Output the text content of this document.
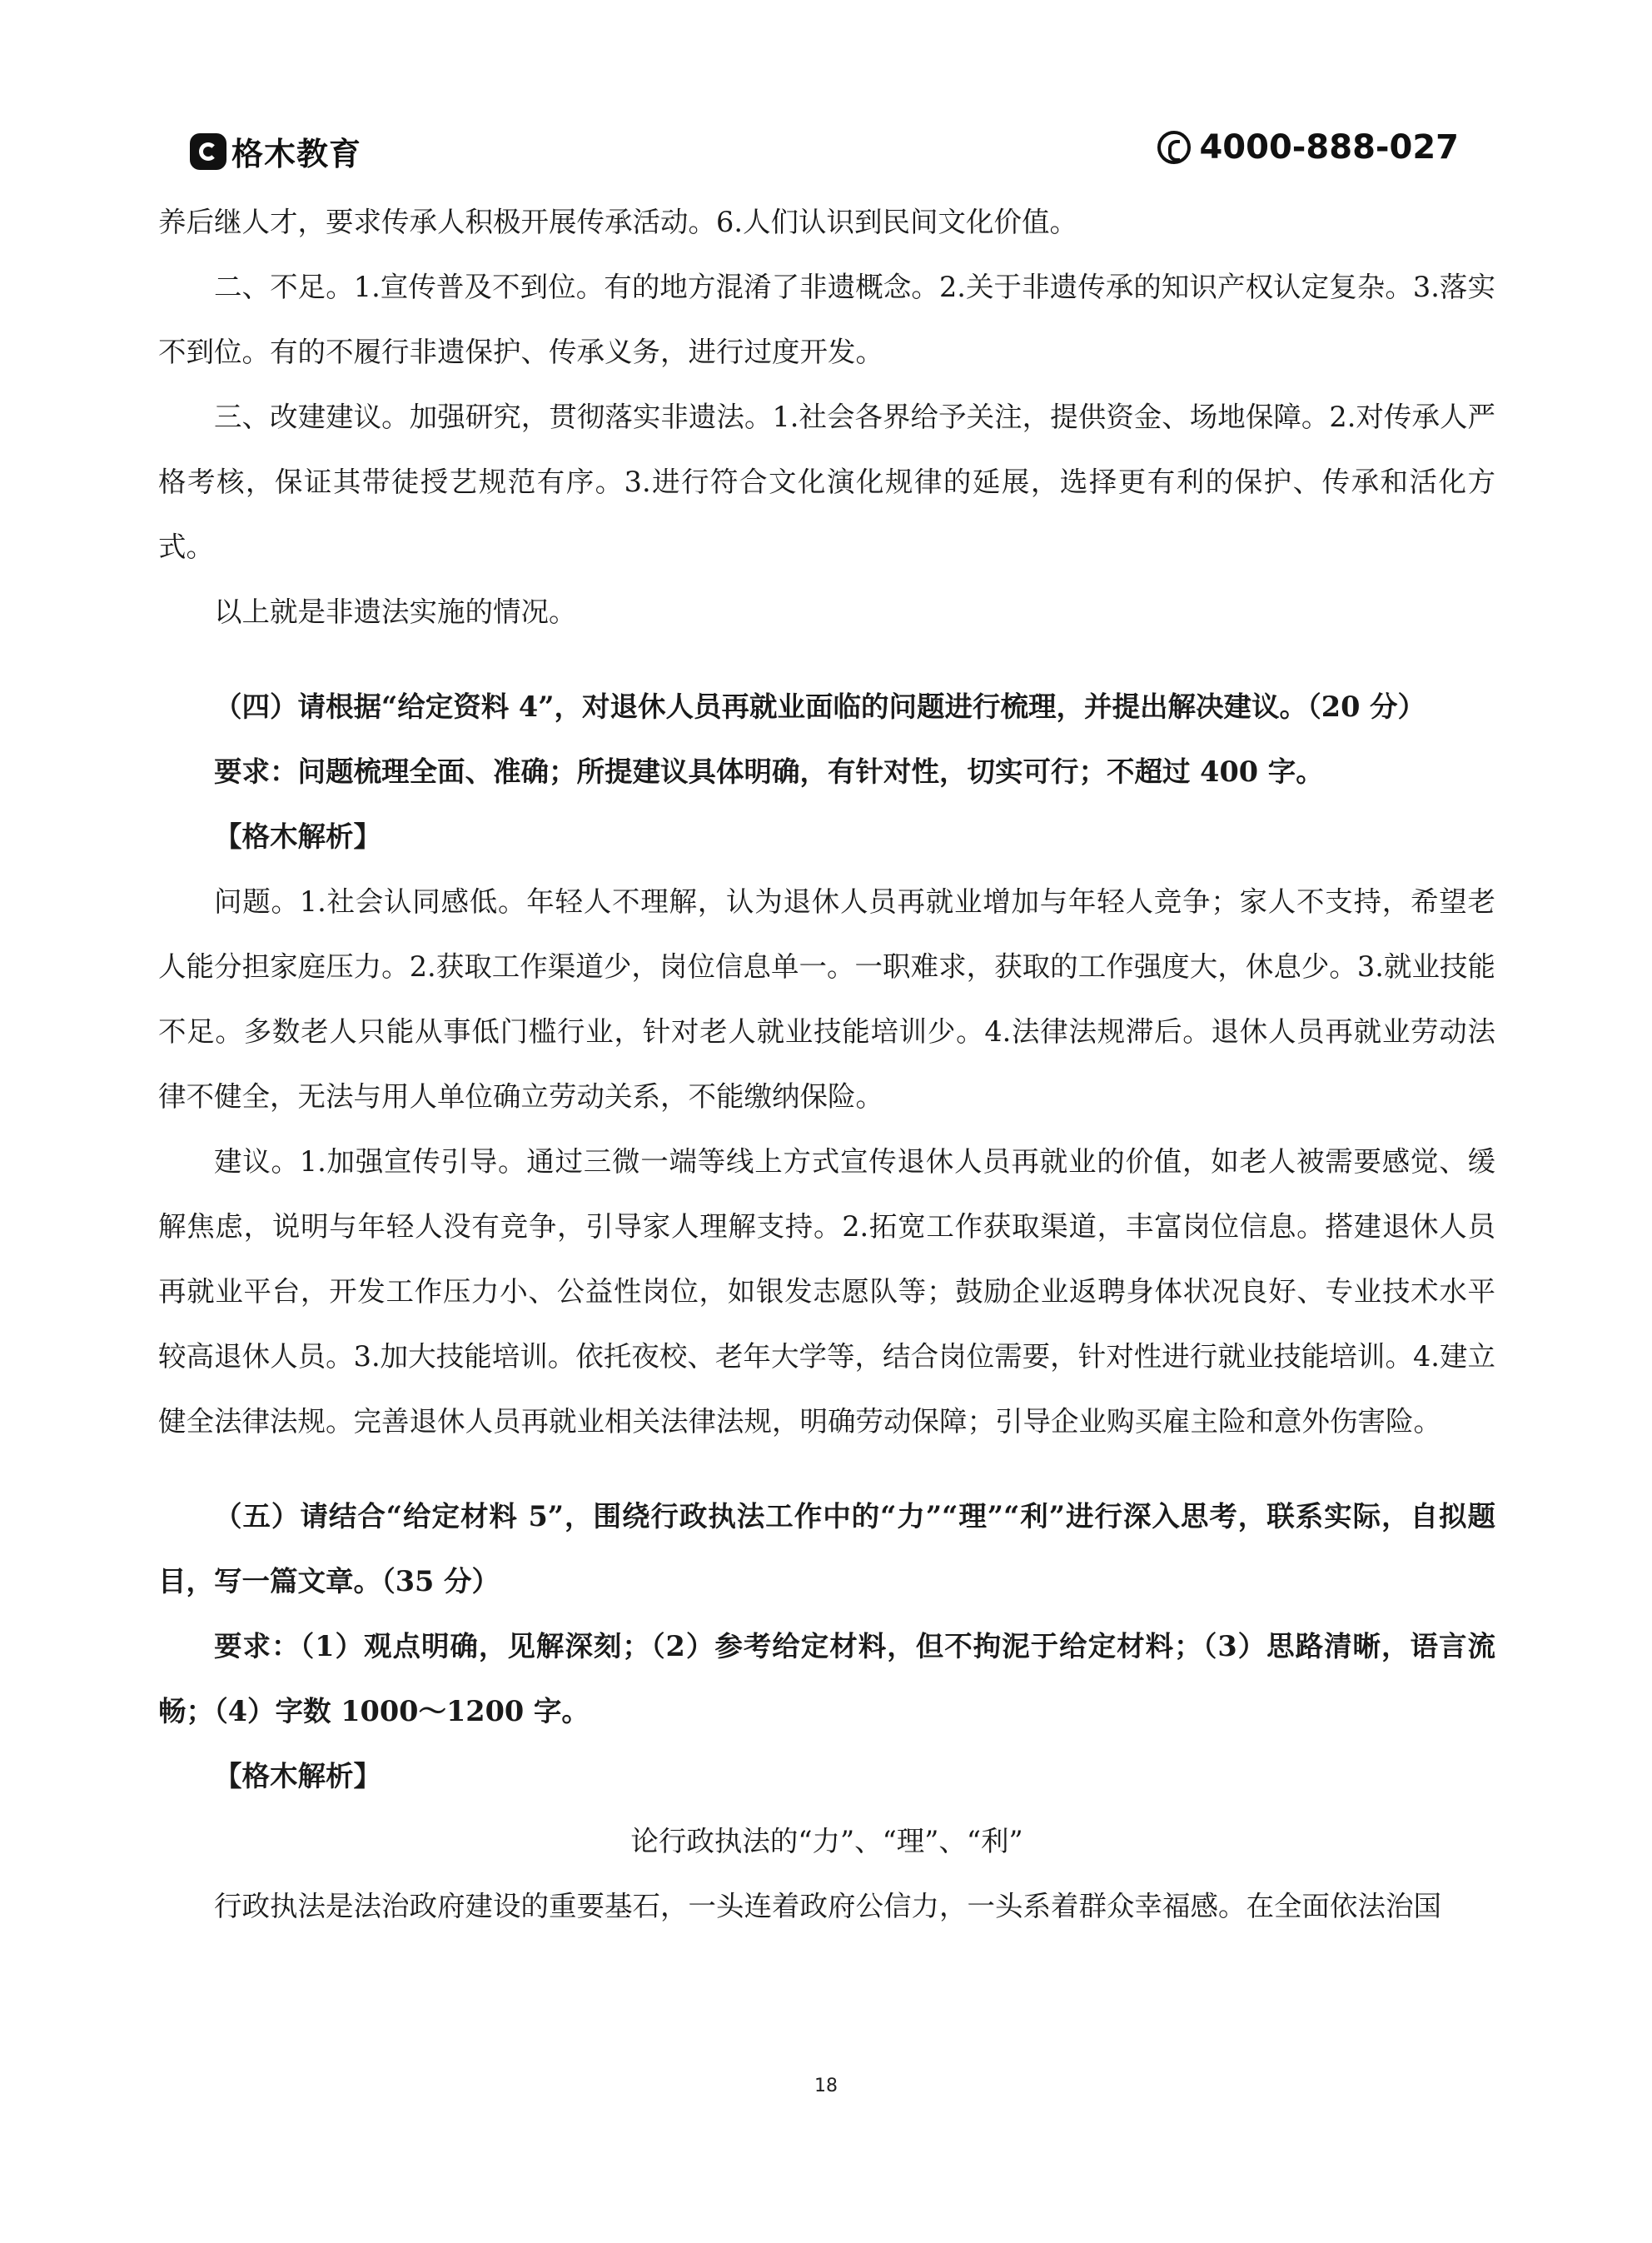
格木教育	4000-888-027

养后继人才，要求传承人积极开展传承活动。6.人们认识到民间文化价值。

二、不足。1.宣传普及不到位。有的地方混淆了非遗概念。2.关于非遗传承的知识产权认定复杂。3.落实不到位。有的不履行非遗保护、传承义务，进行过度开发。

三、改建建议。加强研究，贯彻落实非遗法。1.社会各界给予关注，提供资金、场地保障。2.对传承人严格考核，保证其带徒授艺规范有序。3.进行符合文化演化规律的延展，选择更有利的保护、传承和活化方式。

以上就是非遗法实施的情况。

（四）请根据“给定资料 4”，对退休人员再就业面临的问题进行梳理，并提出解决建议。（20 分）

要求：问题梳理全面、准确；所提建议具体明确，有针对性，切实可行；不超过 400 字。

【格木解析】

问题。1.社会认同感低。年轻人不理解，认为退休人员再就业增加与年轻人竞争；家人不支持，希望老人能分担家庭压力。2.获取工作渠道少，岗位信息单一。一职难求，获取的工作强度大，休息少。3.就业技能不足。多数老人只能从事低门槛行业，针对老人就业技能培训少。4.法律法规滞后。退休人员再就业劳动法律不健全，无法与用人单位确立劳动关系，不能缴纳保险。

建议。1.加强宣传引导。通过三微一端等线上方式宣传退休人员再就业的价值，如老人被需要感觉、缓解焦虑，说明与年轻人没有竞争，引导家人理解支持。2.拓宽工作获取渠道，丰富岗位信息。搭建退休人员再就业平台，开发工作压力小、公益性岗位，如银发志愿队等；鼓励企业返聘身体状况良好、专业技术水平较高退休人员。3.加大技能培训。依托夜校、老年大学等，结合岗位需要，针对性进行就业技能培训。4.建立健全法律法规。完善退休人员再就业相关法律法规，明确劳动保障；引导企业购买雇主险和意外伤害险。

（五）请结合“给定材料 5”，围绕行政执法工作中的“力”“理”“利”进行深入思考，联系实际，自拟题目，写一篇文章。（35 分）

要求：（1）观点明确，见解深刻；（2）参考给定材料，但不拘泥于给定材料；（3）思路清晰，语言流畅；（4）字数 1000～1200 字。

【格木解析】

论行政执法的“力”、“理”、“利”

行政执法是法治政府建设的重要基石，一头连着政府公信力，一头系着群众幸福感。在全面依法治国

18
